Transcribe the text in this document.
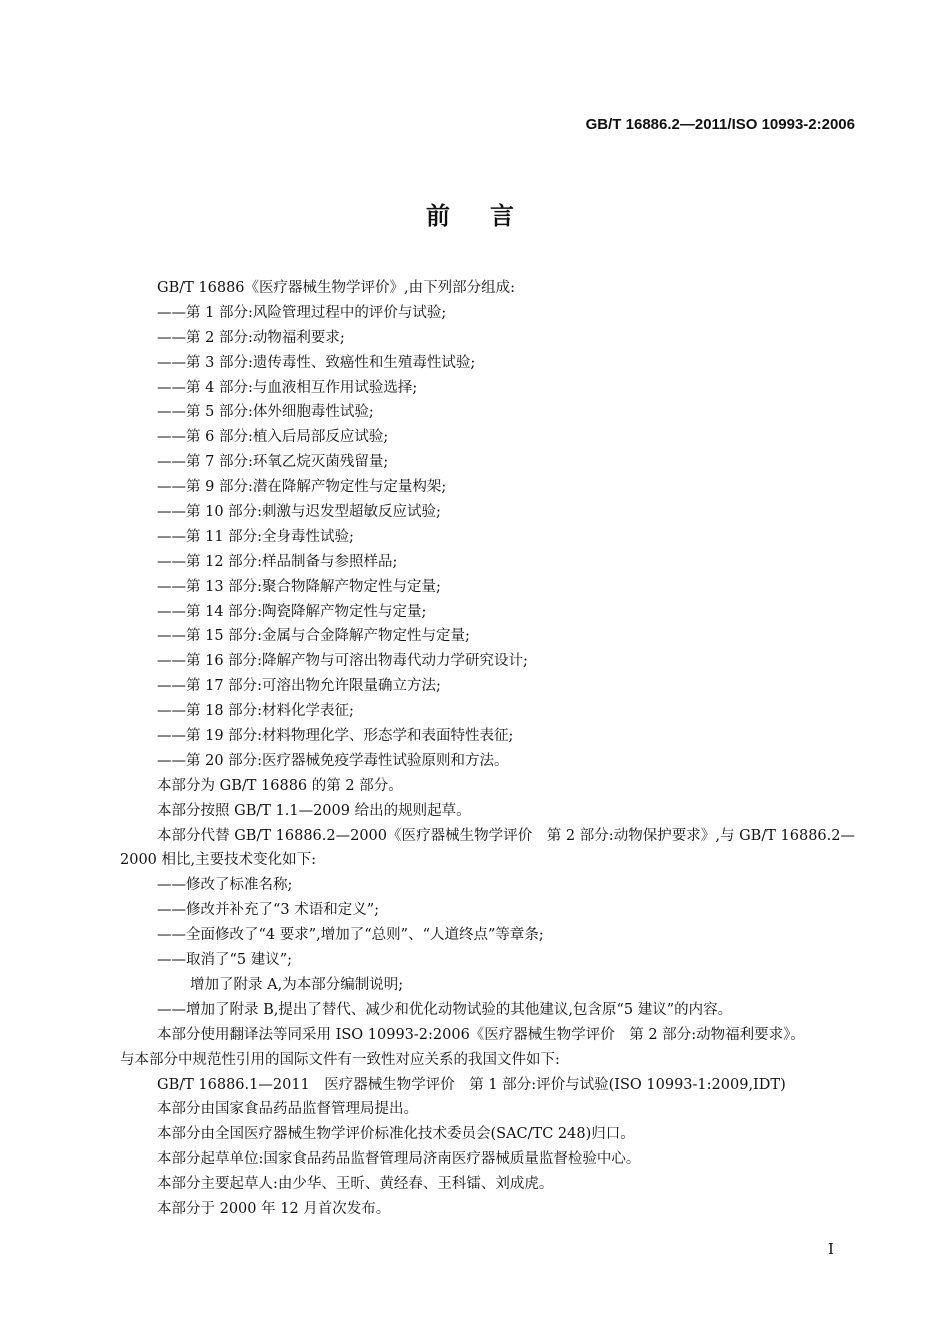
GB/T 16886.2—2011/ISO 10993-2:2006
前言
GB/T 16886《医疗器械生物学评价》,由下列部分组成:
——第 1 部分:风险管理过程中的评价与试验;
——第 2 部分:动物福利要求;
——第 3 部分:遗传毒性、致癌性和生殖毒性试验;
——第 4 部分:与血液相互作用试验选择;
——第 5 部分:体外细胞毒性试验;
——第 6 部分:植入后局部反应试验;
——第 7 部分:环氧乙烷灭菌残留量;
——第 9 部分:潜在降解产物定性与定量构架;
——第 10 部分:刺激与迟发型超敏反应试验;
——第 11 部分:全身毒性试验;
——第 12 部分:样品制备与参照样品;
——第 13 部分:聚合物降解产物定性与定量;
——第 14 部分:陶瓷降解产物定性与定量;
——第 15 部分:金属与合金降解产物定性与定量;
——第 16 部分:降解产物与可溶出物毒代动力学研究设计;
——第 17 部分:可溶出物允许限量确立方法;
——第 18 部分:材料化学表征;
——第 19 部分:材料物理化学、形态学和表面特性表征;
——第 20 部分:医疗器械免疫学毒性试验原则和方法。
本部分为 GB/T 16886 的第 2 部分。
本部分按照 GB/T 1.1—2009 给出的规则起草。
本部分代替 GB/T 16886.2—2000《医疗器械生物学评价　第 2 部分:动物保护要求》,与 GB/T 16886.2—
2000 相比,主要技术变化如下:
——修改了标准名称;
——修改并补充了“3 术语和定义”;
——全面修改了“4 要求”,增加了“总则”、“人道终点”等章条;
——取消了“5 建议”;
增加了附录 A,为本部分编制说明;
——增加了附录 B,提出了替代、减少和优化动物试验的其他建议,包含原“5 建议”的内容。
本部分使用翻译法等同采用 ISO 10993-2:2006《医疗器械生物学评价　第 2 部分:动物福利要求》。
与本部分中规范性引用的国际文件有一致性对应关系的我国文件如下:
GB/T 16886.1—2011　医疗器械生物学评价　第 1 部分:评价与试验(ISO 10993-1:2009,IDT)
本部分由国家食品药品监督管理局提出。
本部分由全国医疗器械生物学评价标准化技术委员会(SAC/TC 248)归口。
本部分起草单位:国家食品药品监督管理局济南医疗器械质量监督检验中心。
本部分主要起草人:由少华、王昕、黄经春、王科镭、刘成虎。
本部分于 2000 年 12 月首次发布。
I
